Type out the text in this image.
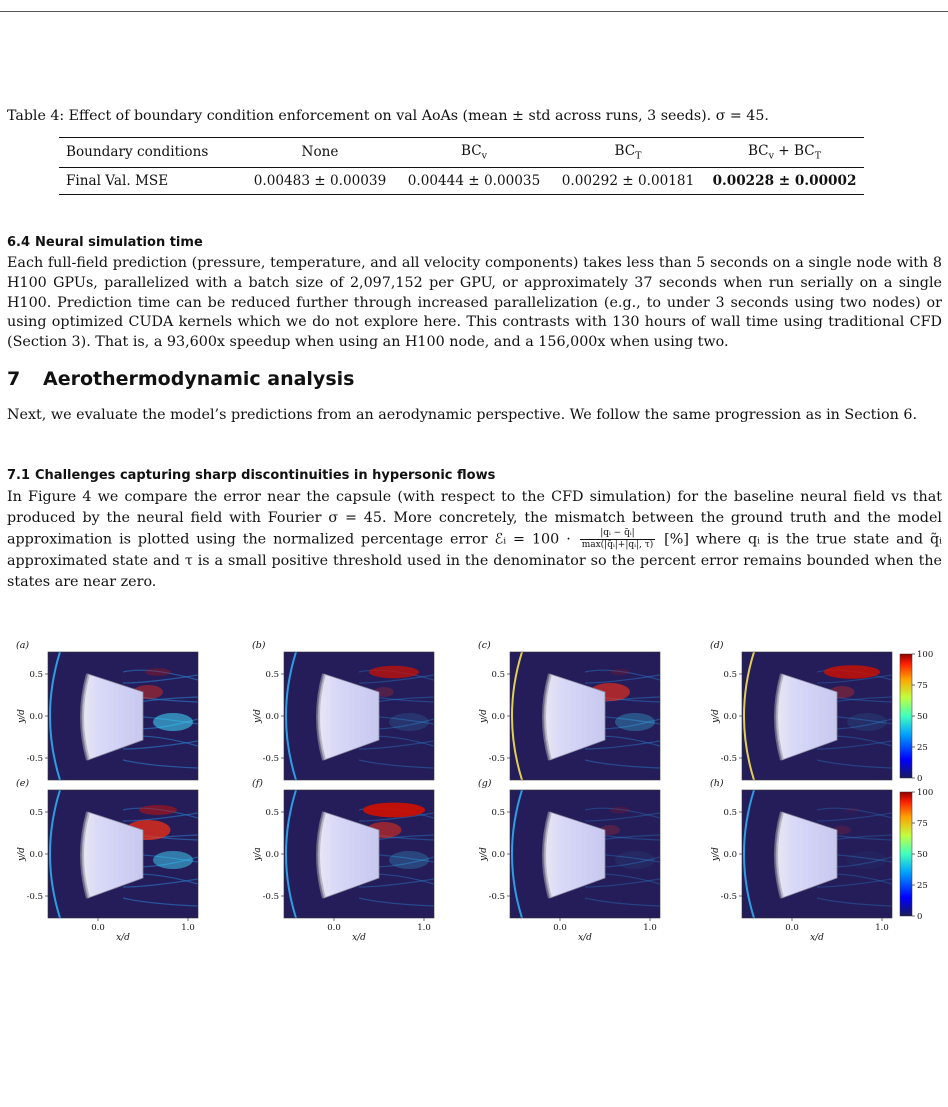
Table 4: Effect of boundary condition enforcement on val AoAs (mean ± std across runs, 3 seeds). σ = 45.
Boundary conditions	None	$BC_v$	$BC_T$	$BC_v + BC_T$
Final Val. MSE	0.00483 ± 0.00039	0.00444 ± 0.00035	0.00292 ± 0.00181	0.00228 ± 0.00002
6.4 Neural simulation time
Each full-field prediction (pressure, temperature, and all velocity components) takes less than 5 seconds on a single node with 8 H100 GPUs, parallelized with a batch size of 2,097,152 per GPU, or approximately 37 seconds when run serially on a single H100. Prediction time can be reduced further through increased parallelization (e.g., to under 3 seconds using two nodes) or using optimized CUDA kernels which we do not explore here. This contrasts with 130 hours of wall time using traditional CFD (Section 3). That is, a 93,600x speedup when using an H100 node, and a 156,000x when using two.
7 Aerothermodynamic analysis
Next, we evaluate the model’s predictions from an aerodynamic perspective. We follow the same progression as in Section 6.
7.1 Challenges capturing sharp discontinuities in hypersonic flows
In Figure 4 we compare the error near the capsule (with respect to the CFD simulation) for the baseline neural field vs that produced by the neural field with Fourier σ = 45. More concretely, the mismatch between the ground truth and the model approximation is plotted using the normalized percentage error ℰᵢ = $100 \cdot \frac{\text{|qᵢ − q̃ᵢ|}}{\text{max(|q̃ᵢ|+|qᵢ|, τ)}}$ [%] where qᵢ is the true state and q̃ᵢ approximated state and τ is a small positive threshold used in the denominator so the percent error remains bounded when the states are near zero.
(a)
0.5
0.0
-0.5
y/d
(b)
0.5
0.0
-0.5
y/d
(c)
0.5
0.0
-0.5
y/d
(d)
0.5
0.0
-0.5
y/d
100
75
50
25
0
(e)
0.5
0.0
-0.5
y/d
0.0	1.0
x/d
(f)
0.5
0.0
-0.5
y/a
0.0	1.0
x/d
(g)
0.5
0.0
-0.5
y/d
0.0	1.0
x/d
(h)
0.5
0.0
-0.5
y/d
0.0	1.0
x/d
100
75
50
25
0
